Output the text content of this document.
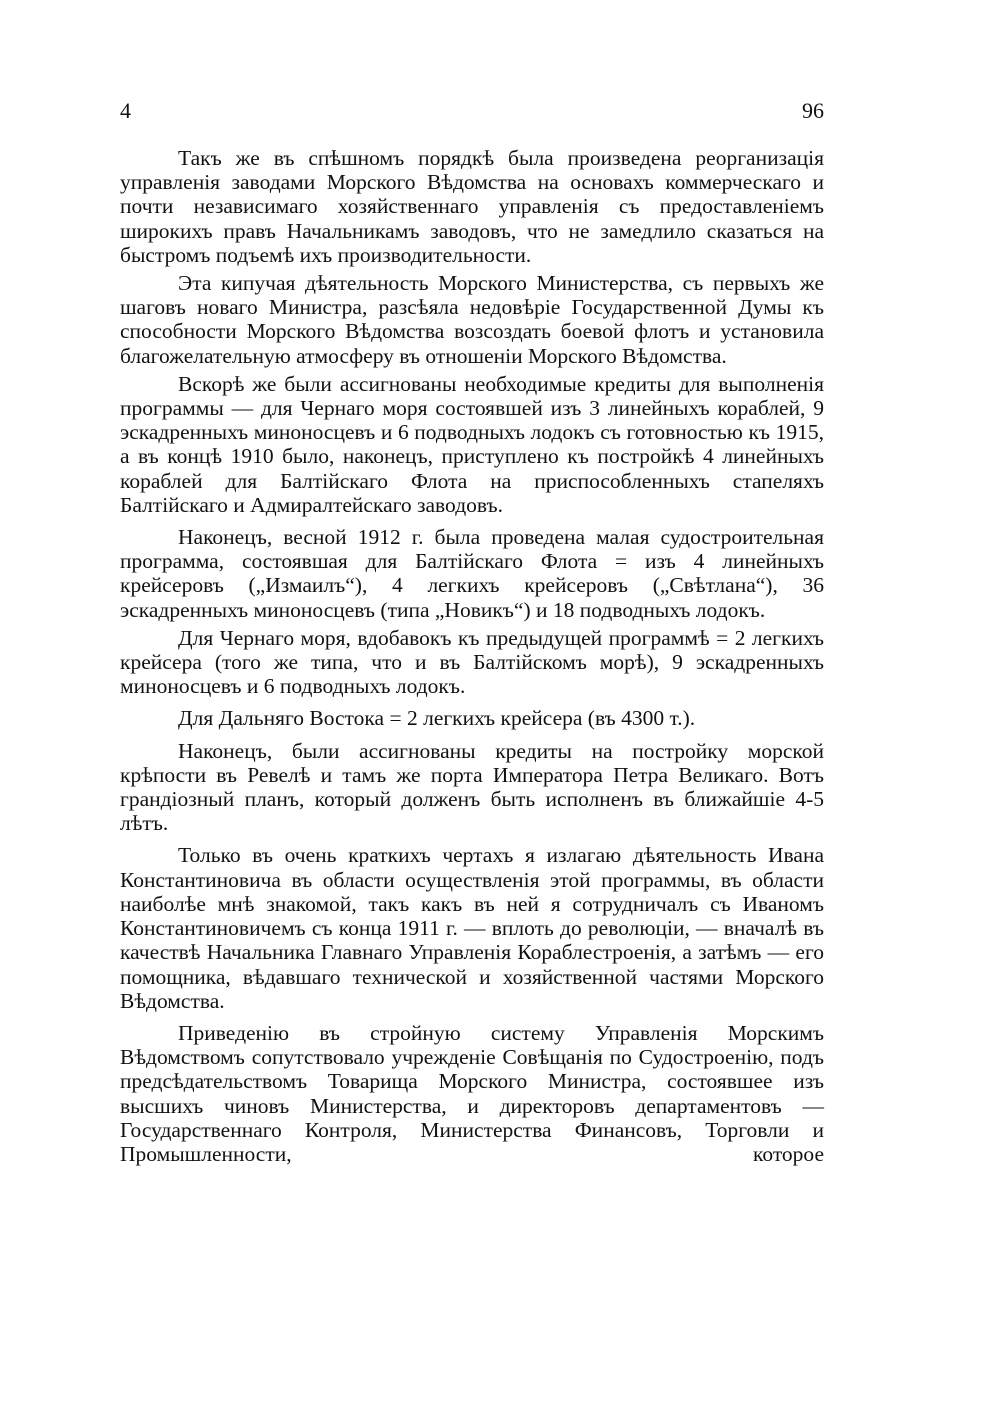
4	96

Такъ же въ спѣшномъ порядкѣ была произведена реорганизація управленія заводами Морского Вѣдомства на основахъ коммерческаго и почти независимаго хозяйственнаго управленія съ предоставленіемъ широкихъ правъ Начальникамъ заводовъ, что не замедлило сказаться на быстромъ подъемѣ ихъ производительности.

Эта кипучая дѣятельность Морского Министерства, съ первыхъ же шаговъ новаго Министра, разсѣяла недовѣріе Государственной Думы къ способности Морского Вѣдомства возсоздать боевой флотъ и установила благожелательную атмосферу въ отношеніи Морского Вѣдомства.

Вскорѣ же были ассигнованы необходимые кредиты для выполненія программы — для Чернаго моря состоявшей изъ 3 линейныхъ кораблей, 9 эскадренныхъ миноносцевъ и 6 подводныхъ лодокъ съ готовностью къ 1915, а въ концѣ 1910 было, наконецъ, приступлено къ постройкѣ 4 линейныхъ кораблей для Балтійскаго Флота на приспособленныхъ стапеляхъ Балтійскаго и Адмиралтейскаго заводовъ.

Наконецъ, весной 1912 г. была проведена малая судостроительная программа, состоявшая для Балтійскаго Флота = изъ 4 линейныхъ крейсеровъ („Измаилъ“), 4 легкихъ крейсеровъ („Свѣтлана“), 36 эскадренныхъ миноносцевъ (типа „Новикъ“) и 18 подводныхъ лодокъ.

Для Чернаго моря, вдобавокъ къ предыдущей программѣ = 2 легкихъ крейсера (того же типа, что и въ Балтійскомъ морѣ), 9 эскадренныхъ миноносцевъ и 6 подводныхъ лодокъ.

Для Дальняго Востока = 2 легкихъ крейсера (въ 4300 т.).

Наконецъ, были ассигнованы кредиты на постройку морской крѣпости въ Ревелѣ и тамъ же порта Императора Петра Великаго. Вотъ грандіозный планъ, который долженъ быть исполненъ въ ближайшіе 4-5 лѣтъ.

Только въ очень краткихъ чертахъ я излагаю дѣятельность Ивана Константиновича въ области осуществленія этой программы, въ области наиболѣе мнѣ знакомой, такъ какъ въ ней я сотрудничалъ съ Иваномъ Константиновичемъ съ конца 1911 г. — вплоть до революціи, — вначалѣ въ качествѣ Начальника Главнаго Управленія Кораблестроенія, а затѣмъ — его помощника, вѣдавшаго технической и хозяйственной частями Морского Вѣдомства.

Приведенію въ стройную систему Управленія Морскимъ Вѣдомствомъ сопутствовало учрежденіе Совѣщанія по Судостроенію, подъ предсѣдательствомъ Товарища Морского Министра, состоявшее изъ высшихъ чиновъ Министерства, и директоровъ департаментовъ — Государственнаго Контроля, Министерства Финансовъ, Торговли и Промышленности, которое
